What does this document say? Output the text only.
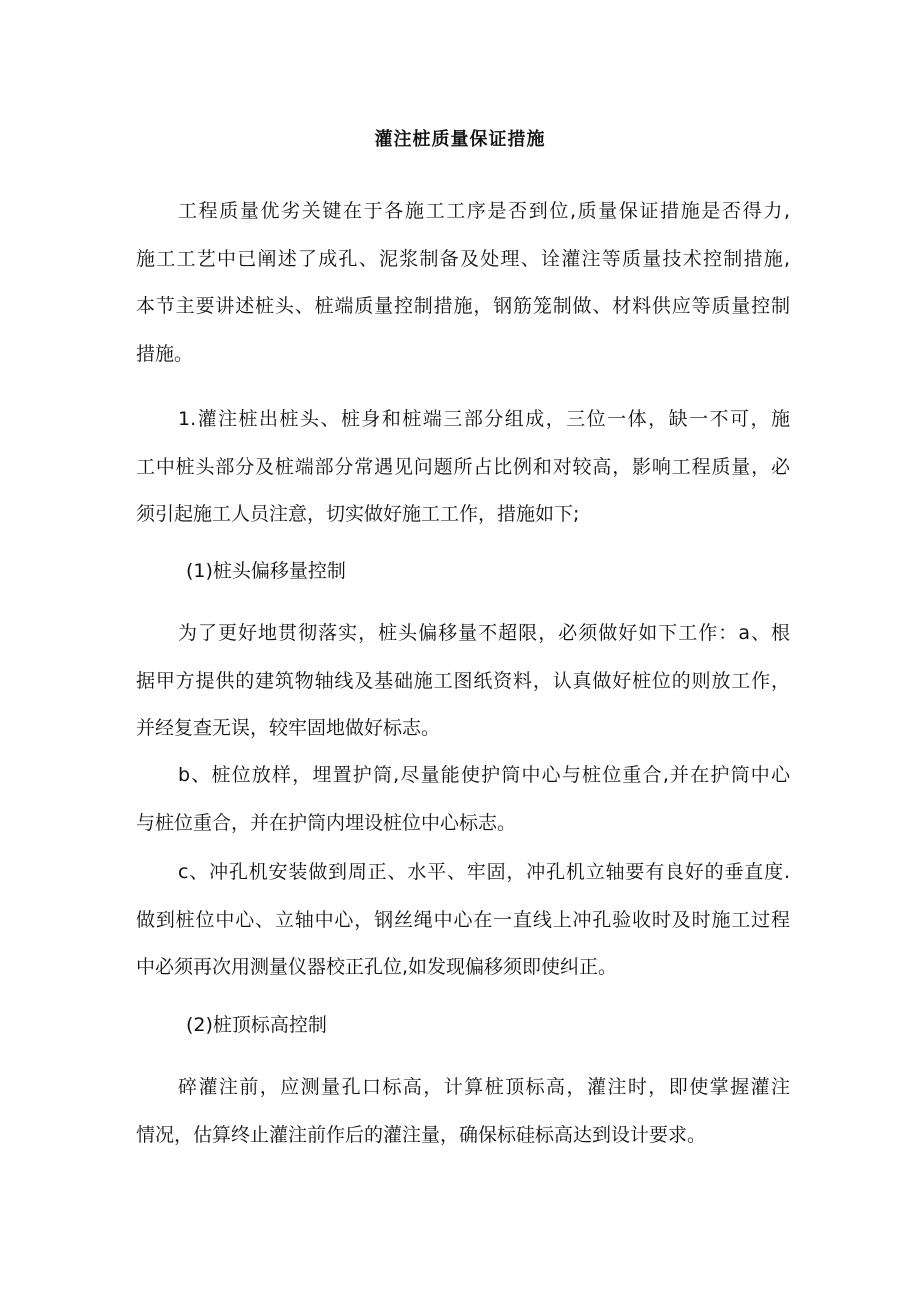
灌注桩质量保证措施
工程质量优劣关键在于各施工工序是否到位,质量保证措施是否得力,
施工工艺中已阐述了成孔、泥浆制备及处理、诠灌注等质量技术控制措施,
本节主要讲述桩头、桩端质量控制措施，钢筋笼制做、材料供应等质量控制
措施。
1.灌注桩出桩头、桩身和桩端三部分组成，三位一体，缺一不可，施
工中桩头部分及桩端部分常遇见问题所占比例和对较高，影响工程质量，必
须引起施工人员注意，切实做好施工工作，措施如下;
(1)桩头偏移量控制
为了更好地贯彻落实，桩头偏移量不超限，必须做好如下工作：a、根
据甲方提供的建筑物轴线及基础施工图纸资料，认真做好桩位的则放工作，
并经复查无误，较牢固地做好标志。
b、桩位放样，埋置护筒,尽量能使护筒中心与桩位重合,并在护筒中心
与桩位重合，并在护筒内埋设桩位中心标志。
c、冲孔机安装做到周正、水平、牢固，冲孔机立轴要有良好的垂直度.
做到桩位中心、立轴中心，钢丝绳中心在一直线上冲孔验收时及时施工过程
中必须再次用测量仪器校正孔位,如发现偏移须即使纠正。
(2)桩顶标高控制
碎灌注前，应测量孔口标高，计算桩顶标高，灌注时，即使掌握灌注
情况，估算终止灌注前作后的灌注量，确保标硅标高达到设计要求。
